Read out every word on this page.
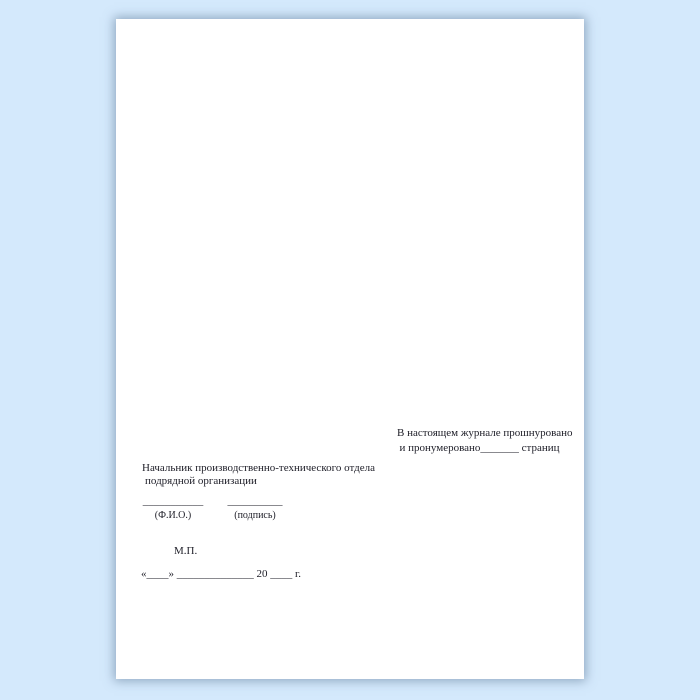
В настоящем журнале прошнуровано
и пронумеровано_______ страниц
Начальник производственно-технического отдела
подрядной организации
___________
(Ф.И.О.)
__________
(подпись)
М.П.
«____» ______________ 20 ____ г.
